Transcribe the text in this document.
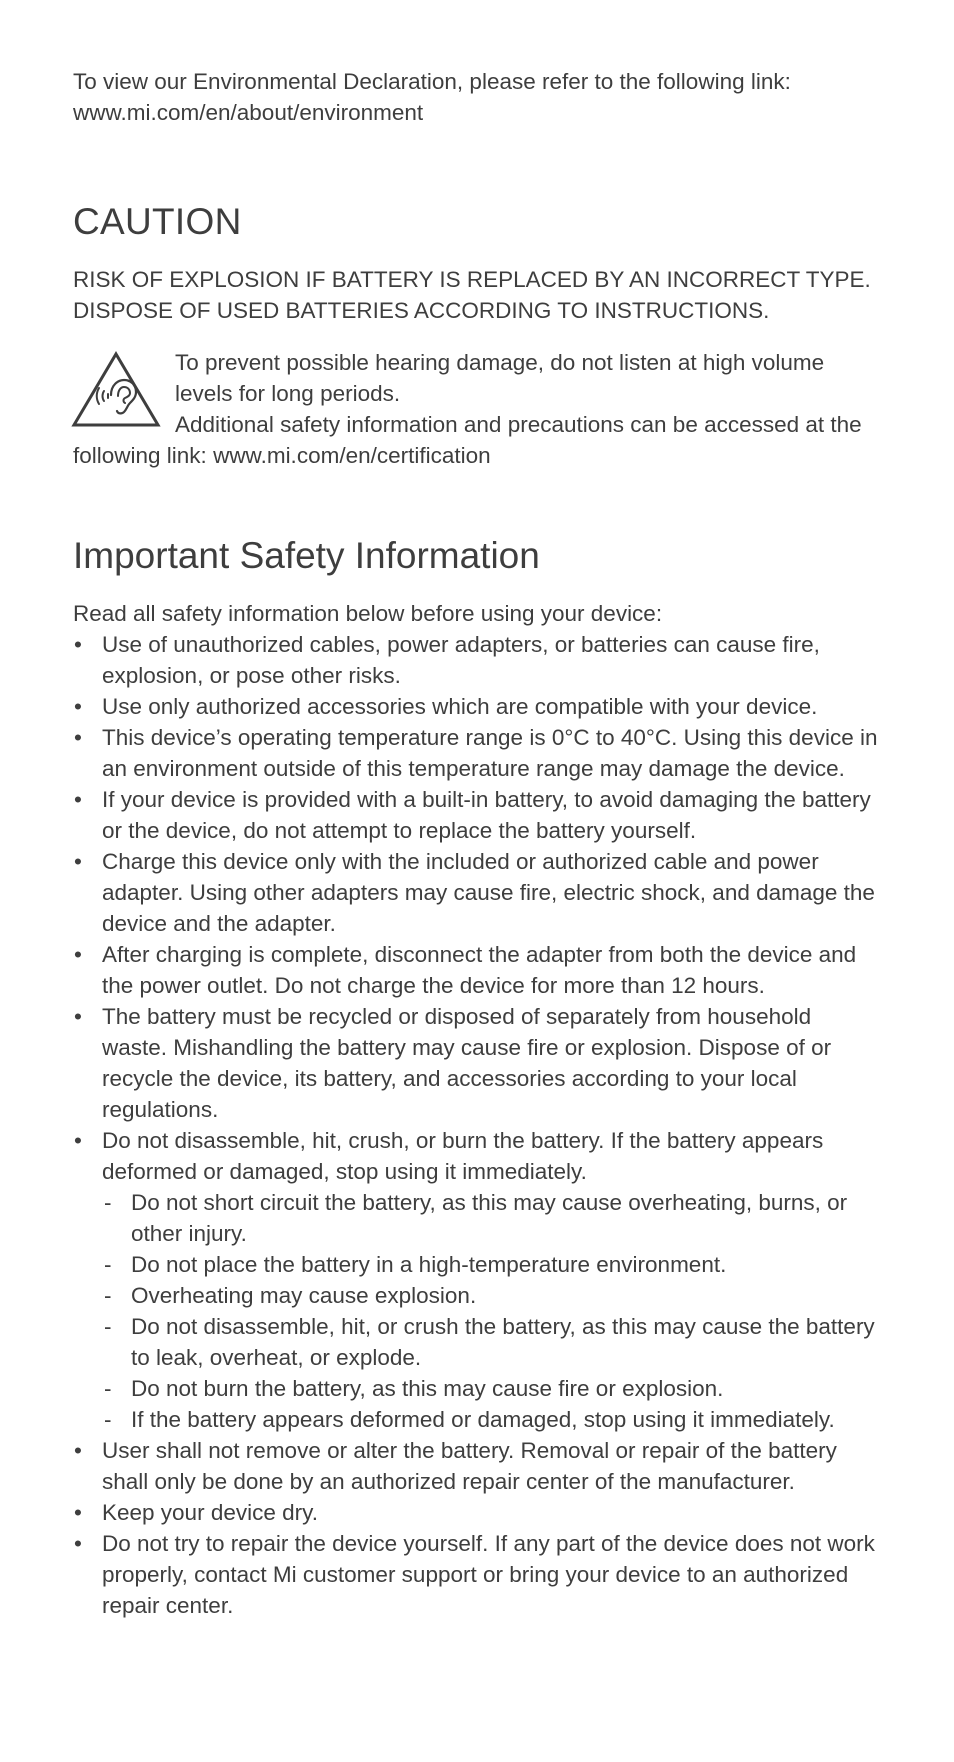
To view our Environmental Declaration, please refer to the following link:

www.mi.com/en/about/environment

CAUTION

RISK OF EXPLOSION IF BATTERY IS REPLACED BY AN INCORRECT TYPE.

DISPOSE OF USED BATTERIES ACCORDING TO INSTRUCTIONS.

To prevent possible hearing damage, do not listen at high volume levels for long periods.

Additional safety information and precautions can be accessed at the following link: www.mi.com/en/certification

Important Safety Information

Read all safety information below before using your device:

• Use of unauthorized cables, power adapters, or batteries can cause fire, explosion, or pose other risks.
• Use only authorized accessories which are compatible with your device.
• This device’s operating temperature range is 0°C to 40°C. Using this device in an environment outside of this temperature range may damage the device.
• If your device is provided with a built-in battery, to avoid damaging the battery or the device, do not attempt to replace the battery yourself.
• Charge this device only with the included or authorized cable and power adapter. Using other adapters may cause fire, electric shock, and damage the device and the adapter.
• After charging is complete, disconnect the adapter from both the device and the power outlet. Do not charge the device for more than 12 hours.
• The battery must be recycled or disposed of separately from household waste. Mishandling the battery may cause fire or explosion. Dispose of or recycle the device, its battery, and accessories according to your local regulations.
• Do not disassemble, hit, crush, or burn the battery. If the battery appears deformed or damaged, stop using it immediately.
- Do not short circuit the battery, as this may cause overheating, burns, or other injury.
- Do not place the battery in a high-temperature environment.
- Overheating may cause explosion.
- Do not disassemble, hit, or crush the battery, as this may cause the battery to leak, overheat, or explode.
- Do not burn the battery, as this may cause fire or explosion.
- If the battery appears deformed or damaged, stop using it immediately.
• User shall not remove or alter the battery. Removal or repair of the battery shall only be done by an authorized repair center of the manufacturer.
• Keep your device dry.
• Do not try to repair the device yourself. If any part of the device does not work properly, contact Mi customer support or bring your device to an authorized repair center.
